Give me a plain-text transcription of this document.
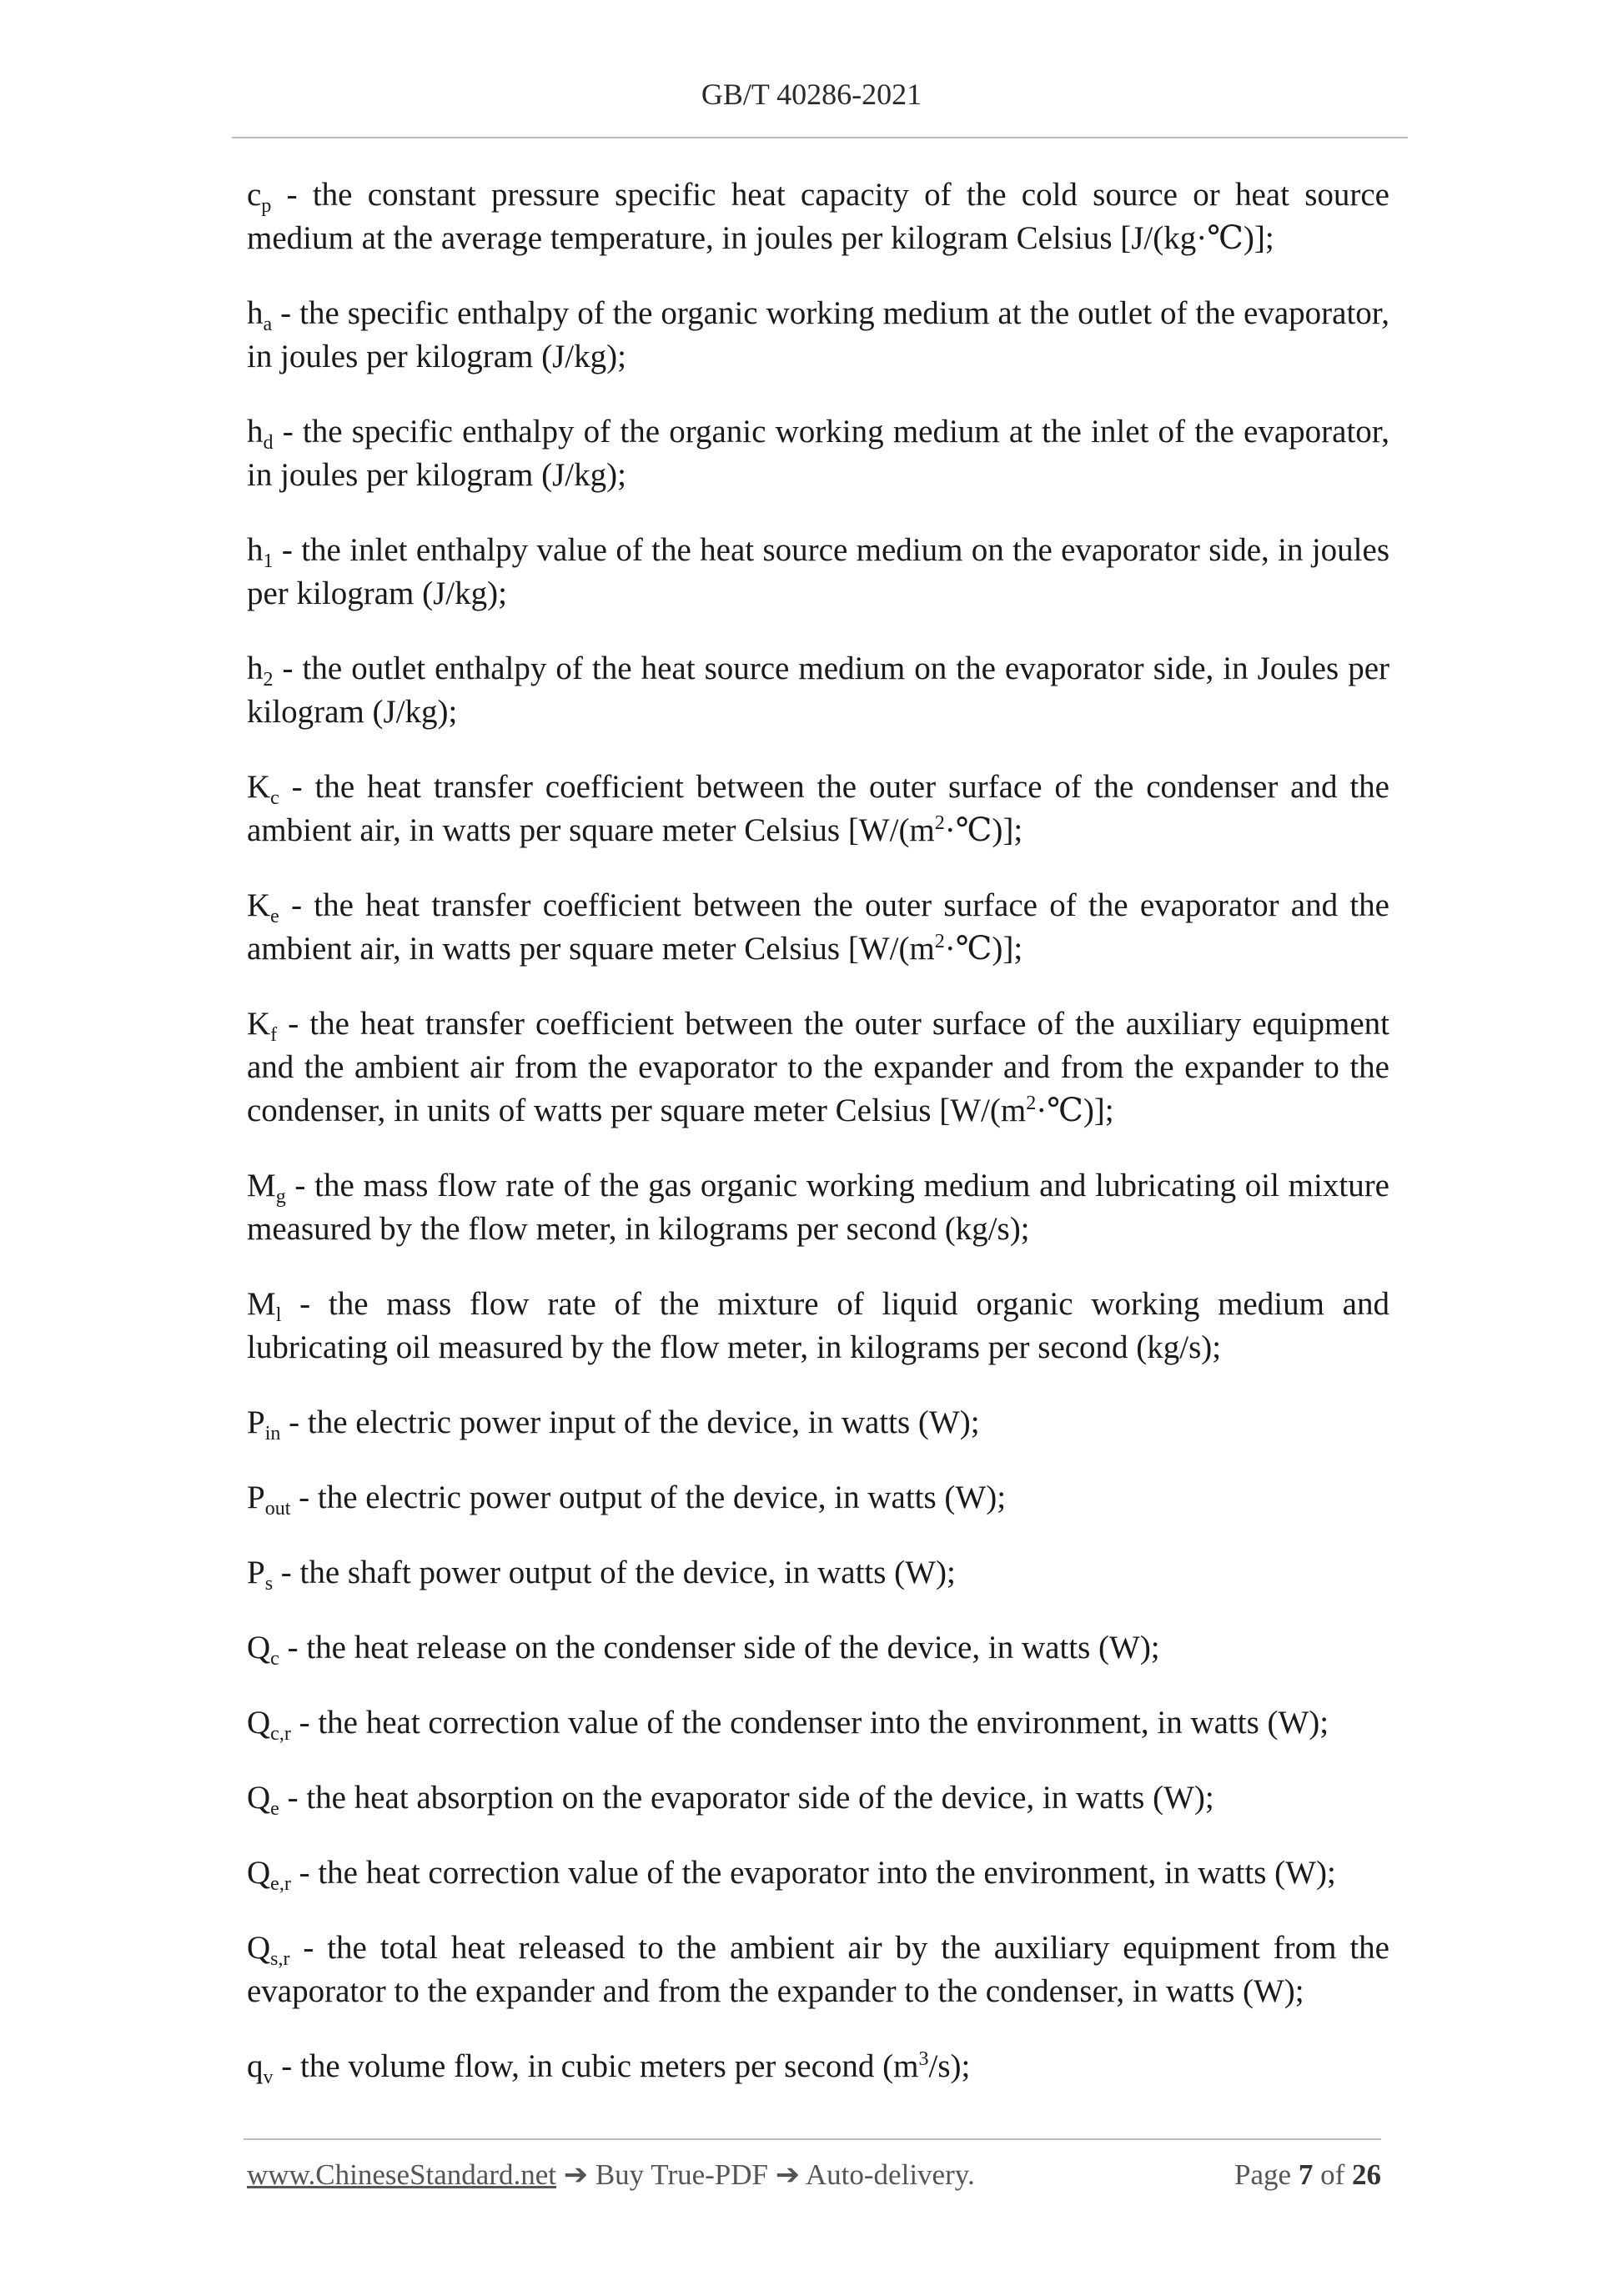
GB/T 40286-2021

$c_p$ - the constant pressure specific heat capacity of the cold source or heat source medium at the average temperature, in joules per kilogram Celsius [J/(kg·℃)];

$h_a$ - the specific enthalpy of the organic working medium at the outlet of the evaporator, in joules per kilogram (J/kg);

$h_d$ - the specific enthalpy of the organic working medium at the inlet of the evaporator, in joules per kilogram (J/kg);

$h_1$ - the inlet enthalpy value of the heat source medium on the evaporator side, in joules per kilogram (J/kg);

$h_2$ - the outlet enthalpy of the heat source medium on the evaporator side, in Joules per kilogram (J/kg);

$K_c$ - the heat transfer coefficient between the outer surface of the condenser and the ambient air, in watts per square meter Celsius $[W/(m^2\cdot℃)]$;

$K_e$ - the heat transfer coefficient between the outer surface of the evaporator and the ambient air, in watts per square meter Celsius $[W/(m^2\cdot℃)]$;

$K_f$ - the heat transfer coefficient between the outer surface of the auxiliary equipment and the ambient air from the evaporator to the expander and from the expander to the condenser, in units of watts per square meter Celsius $[W/(m^2\cdot℃)]$;

$M_g$ - the mass flow rate of the gas organic working medium and lubricating oil mixture measured by the flow meter, in kilograms per second (kg/s);

$M_l$ - the mass flow rate of the mixture of liquid organic working medium and lubricating oil measured by the flow meter, in kilograms per second (kg/s);

$P_{in}$ - the electric power input of the device, in watts (W);

$P_{out}$ - the electric power output of the device, in watts (W);

$P_s$ - the shaft power output of the device, in watts (W);

$Q_c$ - the heat release on the condenser side of the device, in watts (W);

$Q_{c,r}$ - the heat correction value of the condenser into the environment, in watts (W);

$Q_e$ - the heat absorption on the evaporator side of the device, in watts (W);

$Q_{e,r}$ - the heat correction value of the evaporator into the environment, in watts (W);

$Q_{s,r}$ - the total heat released to the ambient air by the auxiliary equipment from the evaporator to the expander and from the expander to the condenser, in watts (W);

$q_v$ - the volume flow, in cubic meters per second $(m^3/s)$;

www.ChineseStandard.net ➔ Buy True-PDF ➔ Auto-delivery.	Page 7 of 26
